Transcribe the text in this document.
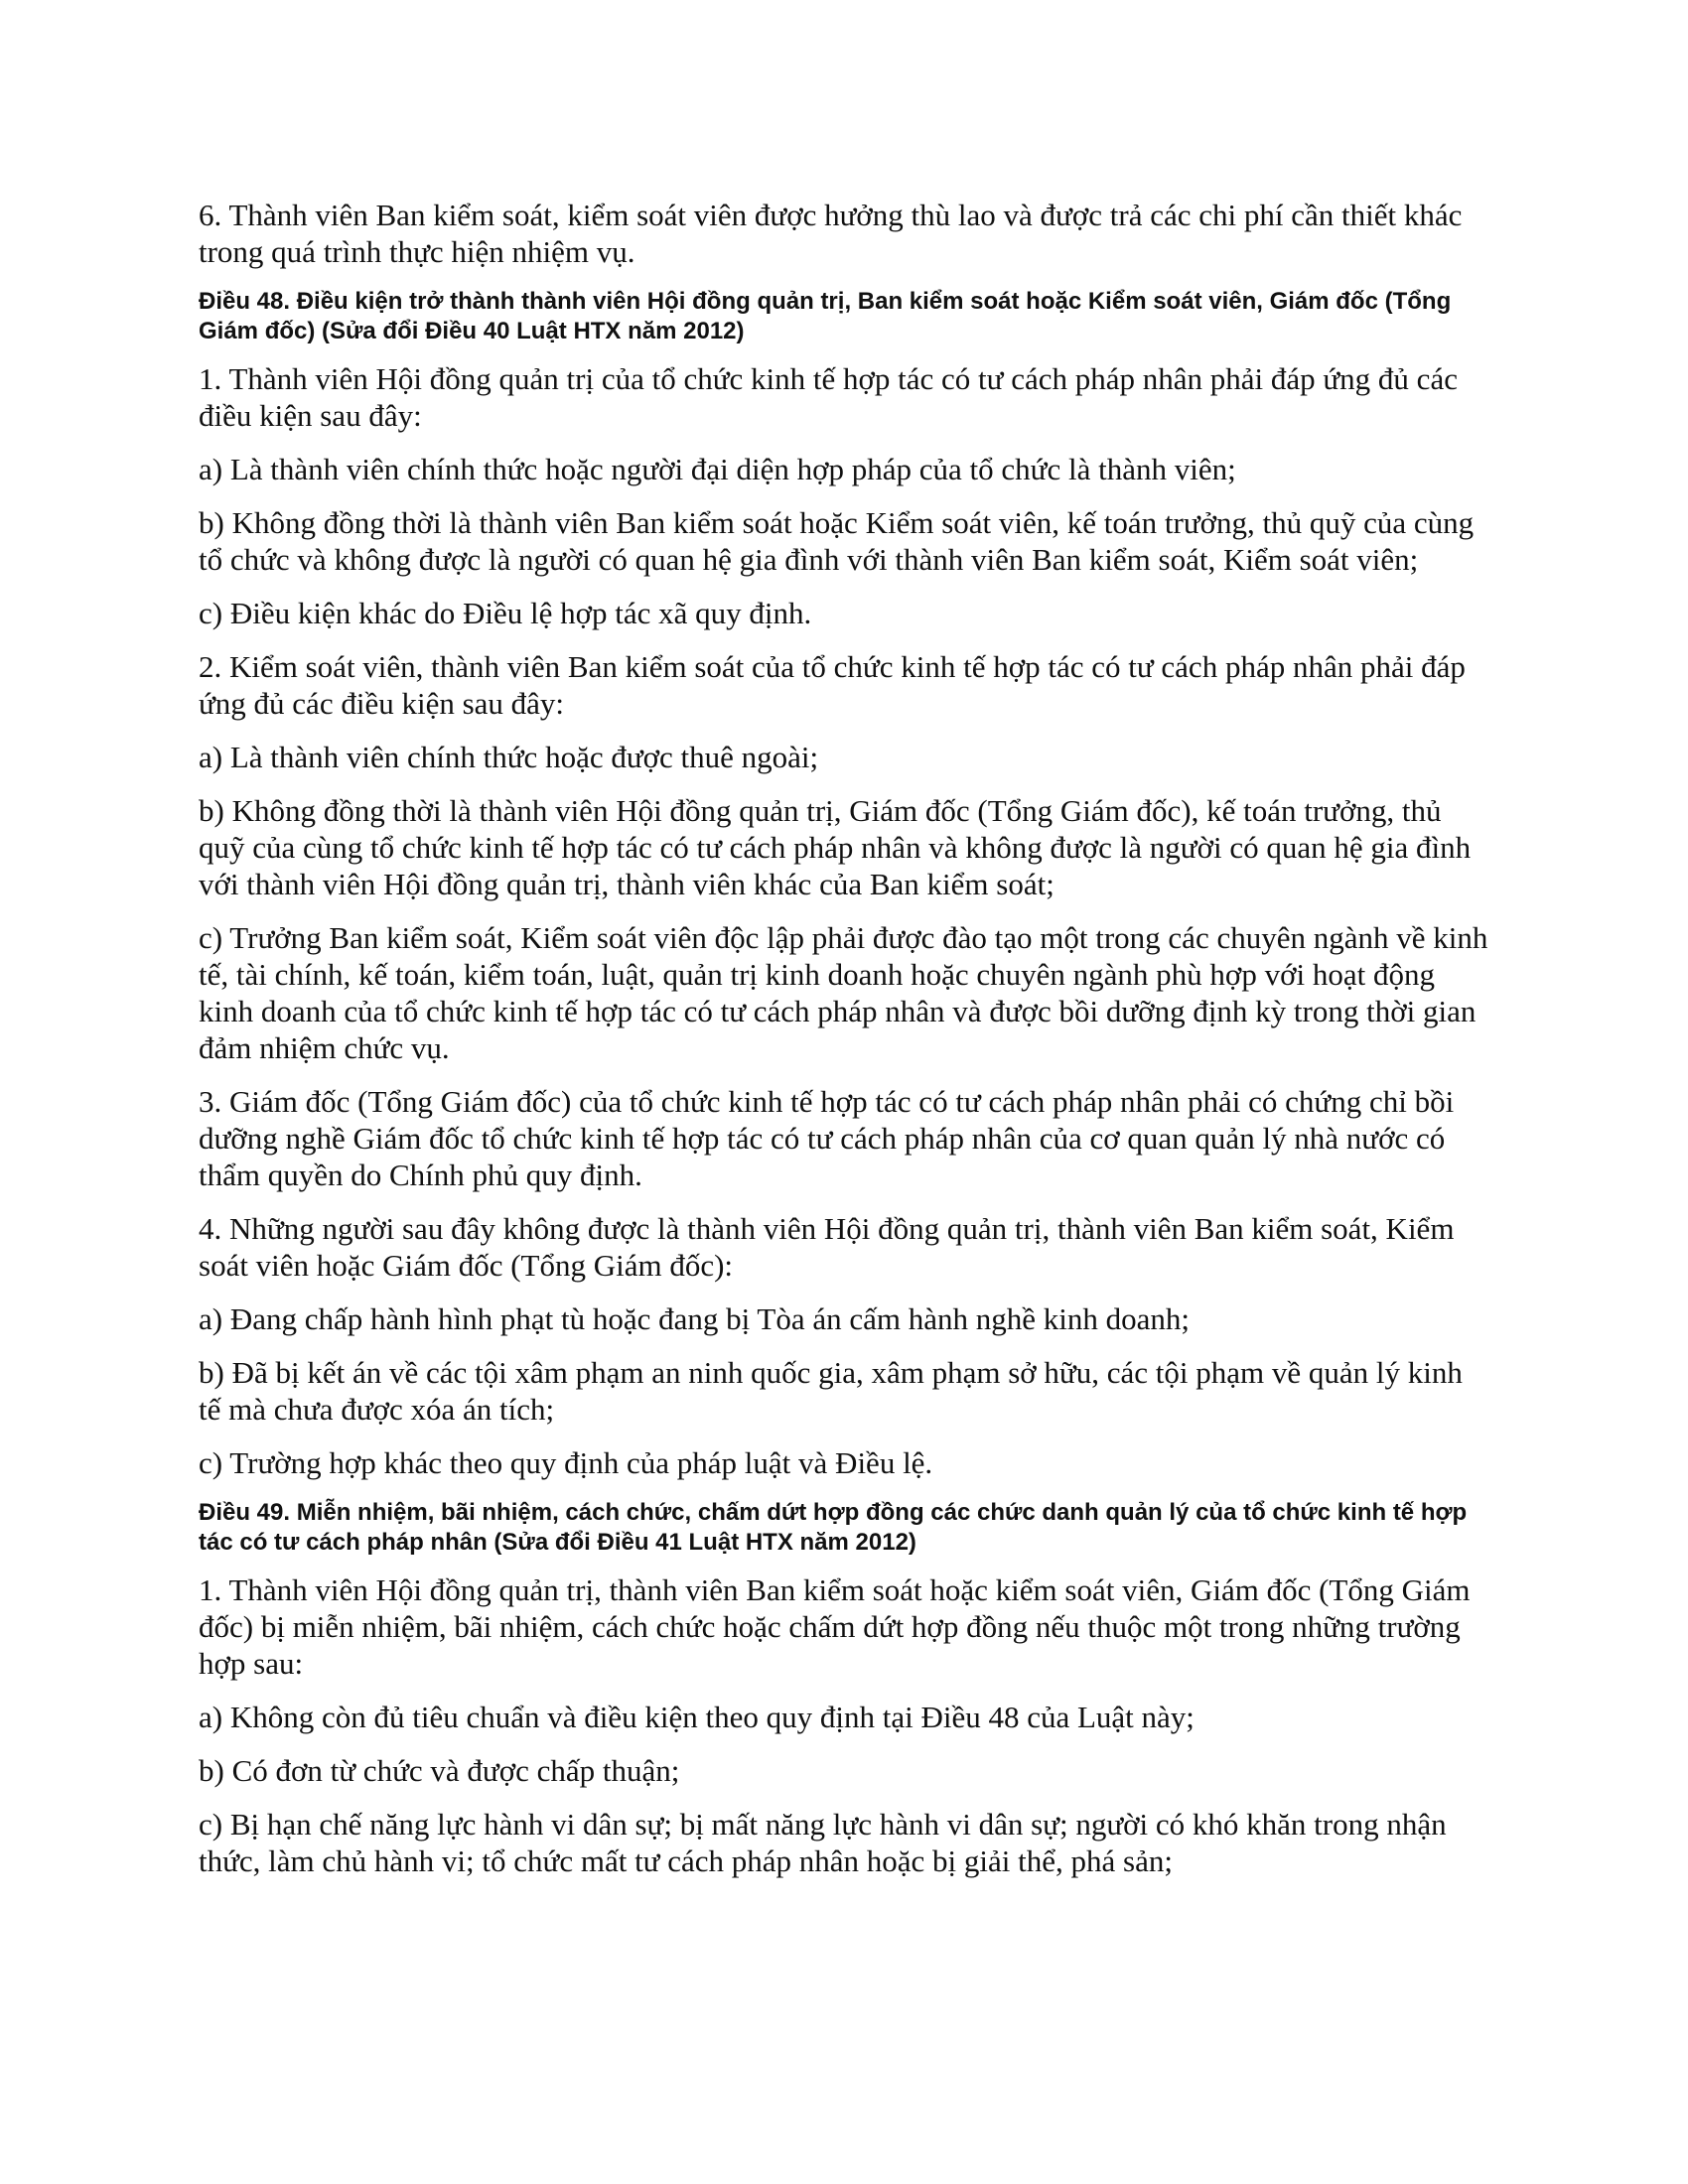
6. Thành viên Ban kiểm soát, kiểm soát viên được hưởng thù lao và được trả các chi phí cần thiết khác trong quá trình thực hiện nhiệm vụ.

Điều 48. Điều kiện trở thành thành viên Hội đồng quản trị, Ban kiểm soát hoặc Kiểm soát viên, Giám đốc (Tổng Giám đốc) (Sửa đổi Điều 40 Luật HTX năm 2012)

1. Thành viên Hội đồng quản trị của tổ chức kinh tế hợp tác có tư cách pháp nhân phải đáp ứng đủ các điều kiện sau đây:

a) Là thành viên chính thức hoặc người đại diện hợp pháp của tổ chức là thành viên;

b) Không đồng thời là thành viên Ban kiểm soát hoặc Kiểm soát viên, kế toán trưởng, thủ quỹ của cùng tổ chức và không được là người có quan hệ gia đình với thành viên Ban kiểm soát, Kiểm soát viên;

c) Điều kiện khác do Điều lệ hợp tác xã quy định.

2. Kiểm soát viên, thành viên Ban kiểm soát của tổ chức kinh tế hợp tác có tư cách pháp nhân phải đáp ứng đủ các điều kiện sau đây:

a) Là thành viên chính thức hoặc được thuê ngoài;

b) Không đồng thời là thành viên Hội đồng quản trị, Giám đốc (Tổng Giám đốc), kế toán trưởng, thủ quỹ của cùng tổ chức kinh tế hợp tác có tư cách pháp nhân và không được là người có quan hệ gia đình với thành viên Hội đồng quản trị, thành viên khác của Ban kiểm soát;

c) Trưởng Ban kiểm soát, Kiểm soát viên độc lập phải được đào tạo một trong các chuyên ngành về kinh tế, tài chính, kế toán, kiểm toán, luật, quản trị kinh doanh hoặc chuyên ngành phù hợp với hoạt động kinh doanh của tổ chức kinh tế hợp tác có tư cách pháp nhân và được bồi dưỡng định kỳ trong thời gian đảm nhiệm chức vụ.

3. Giám đốc (Tổng Giám đốc) của tổ chức kinh tế hợp tác có tư cách pháp nhân phải có chứng chỉ bồi dưỡng nghề Giám đốc tổ chức kinh tế hợp tác có tư cách pháp nhân của cơ quan quản lý nhà nước có thẩm quyền do Chính phủ quy định.

4. Những người sau đây không được là thành viên Hội đồng quản trị, thành viên Ban kiểm soát, Kiểm soát viên hoặc Giám đốc (Tổng Giám đốc):

a) Đang chấp hành hình phạt tù hoặc đang bị Tòa án cấm hành nghề kinh doanh;

b) Đã bị kết án về các tội xâm phạm an ninh quốc gia, xâm phạm sở hữu, các tội phạm về quản lý kinh tế mà chưa được xóa án tích;

c) Trường hợp khác theo quy định của pháp luật và Điều lệ.

Điều 49. Miễn nhiệm, bãi nhiệm, cách chức, chấm dứt hợp đồng các chức danh quản lý của tổ chức kinh tế hợp tác có tư cách pháp nhân (Sửa đổi Điều 41 Luật HTX năm 2012)

1. Thành viên Hội đồng quản trị, thành viên Ban kiểm soát hoặc kiểm soát viên, Giám đốc (Tổng Giám đốc) bị miễn nhiệm, bãi nhiệm, cách chức hoặc chấm dứt hợp đồng nếu thuộc một trong những trường hợp sau:

a) Không còn đủ tiêu chuẩn và điều kiện theo quy định tại Điều 48 của Luật này;

b) Có đơn từ chức và được chấp thuận;

c) Bị hạn chế năng lực hành vi dân sự; bị mất năng lực hành vi dân sự; người có khó khăn trong nhận thức, làm chủ hành vi; tổ chức mất tư cách pháp nhân hoặc bị giải thể, phá sản;
